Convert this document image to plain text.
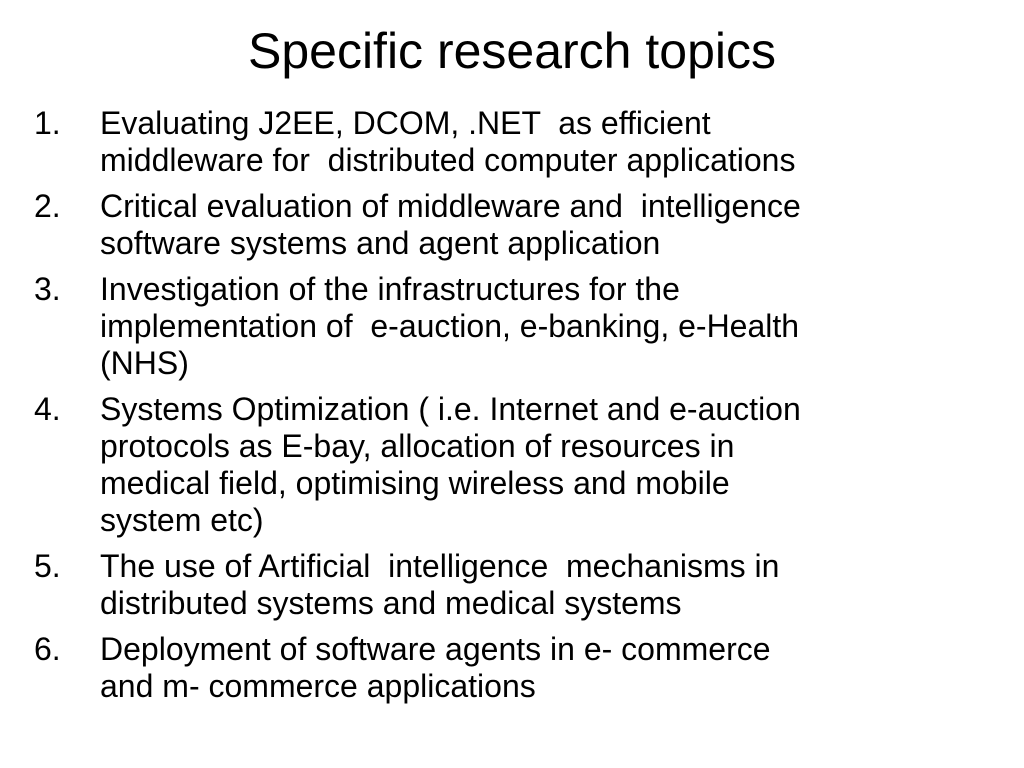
Specific research topics
1.	Evaluating J2EE, DCOM, .NET  as efficient
middleware for  distributed computer applications
2.	Critical evaluation of middleware and  intelligence
software systems and agent application
3.	Investigation of the infrastructures for the
implementation of  e-auction, e-banking, e-Health
(NHS)
4.	Systems Optimization ( i.e. Internet and e-auction
protocols as E-bay, allocation of resources in
medical field, optimising wireless and mobile
system etc)
5.	The use of Artificial  intelligence  mechanisms in
distributed systems and medical systems
6.	Deployment of software agents in e- commerce
and m- commerce applications
